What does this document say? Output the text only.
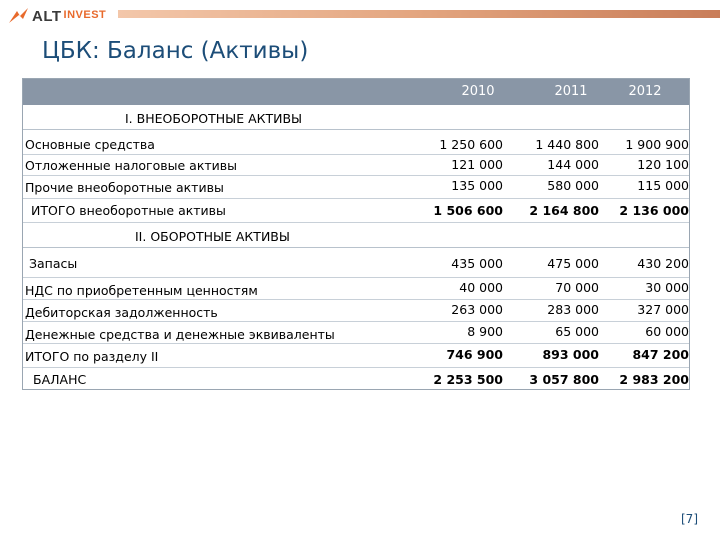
ALT $^{INVEST}$
ЦБК: Баланс (Активы)
2010	2011	2012
I. ВНЕОБОРОТНЫЕ АКТИВЫ
Основные средства	1 250 600	1 440 800	1 900 900
Отложенные налоговые активы	121 000	144 000	120 100
Прочие внеоборотные активы	135 000	580 000	115 000
ИТОГО внеоборотные активы	1 506 600	2 164 800	2 136 000
II. ОБОРОТНЫЕ АКТИВЫ
Запасы	435 000	475 000	430 200
НДС по приобретенным ценностям	40 000	70 000	30 000
Дебиторская задолженность	263 000	283 000	327 000
Денежные средства и денежные эквиваленты	8 900	65 000	60 000
ИТОГО по разделу II	746 900	893 000	847 200
БАЛАНС	2 253 500	3 057 800	2 983 200
[7]
